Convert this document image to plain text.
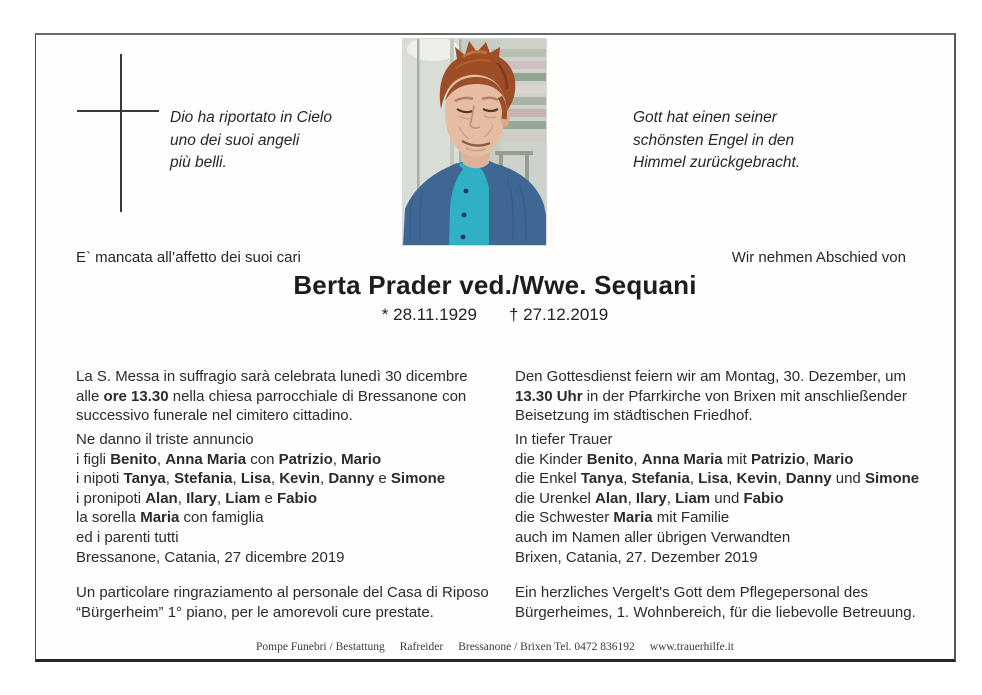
Dio ha riportato in Cielo
uno dei suoi angeli
più belli.
Gott hat einen seiner
schönsten Engel in den
Himmel zurückgebracht.
E` mancata all’affetto dei suoi cari	Wir nehmen Abschied von
Berta Prader ved./Wwe. Sequani
* 28.11.1929 † 27.12.2019
La S. Messa in suffragio sarà celebrata lunedì 30 dicembre
alle ore 13.30 nella chiesa parrocchiale di Bressanone con
successivo funerale nel cimitero cittadino.
Den Gottesdienst feiern wir am Montag, 30. Dezember, um
13.30 Uhr in der Pfarrkirche von Brixen mit anschließender
Beisetzung im städtischen Friedhof.
Ne danno il triste annuncio
i figli Benito, Anna Maria con Patrizio, Mario
i nipoti Tanya, Stefania, Lisa, Kevin, Danny e Simone
i pronipoti Alan, Ilary, Liam e Fabio
la sorella Maria con famiglia
ed i parenti tutti
In tiefer Trauer
die Kinder Benito, Anna Maria mit Patrizio, Mario
die Enkel Tanya, Stefania, Lisa, Kevin, Danny und Simone
die Urenkel Alan, Ilary, Liam und Fabio
die Schwester Maria mit Familie
auch im Namen aller übrigen Verwandten
Bressanone, Catania, 27 dicembre 2019	Brixen, Catania, 27. Dezember 2019
Un particolare ringraziamento al personale del Casa di Riposo
“Bürgerheim” 1° piano, per le amorevoli cure prestate.
Ein herzliches Vergelt's Gott dem Pflegepersonal des
Bürgerheimes, 1. Wohnbereich, für die liebevolle Betreuung.
Pompe Funebri / Bestattung Rafreider Bressanone / Brixen Tel. 0472 836192 www.trauerhilfe.it
